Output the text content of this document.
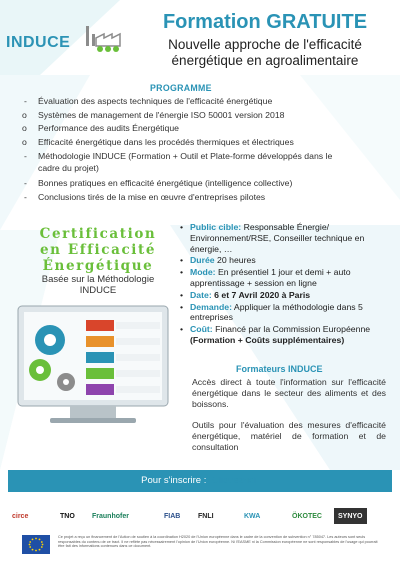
INDUCE
Formation GRATUITE
Nouvelle approche de l'efficacité
énergétique en agroalimentaire
PROGRAMME
- Évaluation des aspects techniques de l'efficacité énergétique
o Systèmes de management de l'énergie ISO 50001 version 2018
o Performance des audits Énergétique
o Efficacité énergétique dans les procédés thermiques et électriques
- Méthodologie INDUCE (Formation + Outil et Plate-forme développés dans le cadre du projet)
- Bonnes pratiques en efficacité énergétique (intelligence collective)
- Conclusions tirés de la mise en œuvre d'entreprises pilotes
Certification
en Efficacité
Énergétique
Basée sur la Méthodologie
INDUCE
• Public cible: Responsable Énergie/ Environnement/RSE, Conseiller technique en énergie, …
• Durée 20 heures
• Mode: En présentiel 1 jour et demi + auto apprentissage + session en ligne
• Date: 6 et 7 Avril 2020 à Paris
• Demande: Appliquer la méthodologie dans 5 entreprises
• Coût: Financé par la Commission Européenne (Formation + Coûts supplémentaires)
Formateurs INDUCE

Accès direct à toute l'information sur l'efficacité énergétique dans le secteur des aliments et des boissons.

Outils pour l'évaluation des mesures d'efficacité énergétique, matériel de formation et de consultation

Pour s'inscrire : Cliquez-ici
circe	TNO Fraunhofer	FIAB	FNLI	KWA	ÖKOTEC	SYNYO

Ce projet a reçu un financement de l'Action de soutien à la coordination H2020 de l'Union européenne dans le cadre de la convention de subvention n° 785047. Les auteurs sont seuls responsables du contenu de ce tract. Il ne reflète pas nécessairement l'opinion de l'Union européenne. Ni l'EASME ni la Commission européenne ne sont responsables de l'usage qui pourrait être fait des informations contenues dans ce document.
